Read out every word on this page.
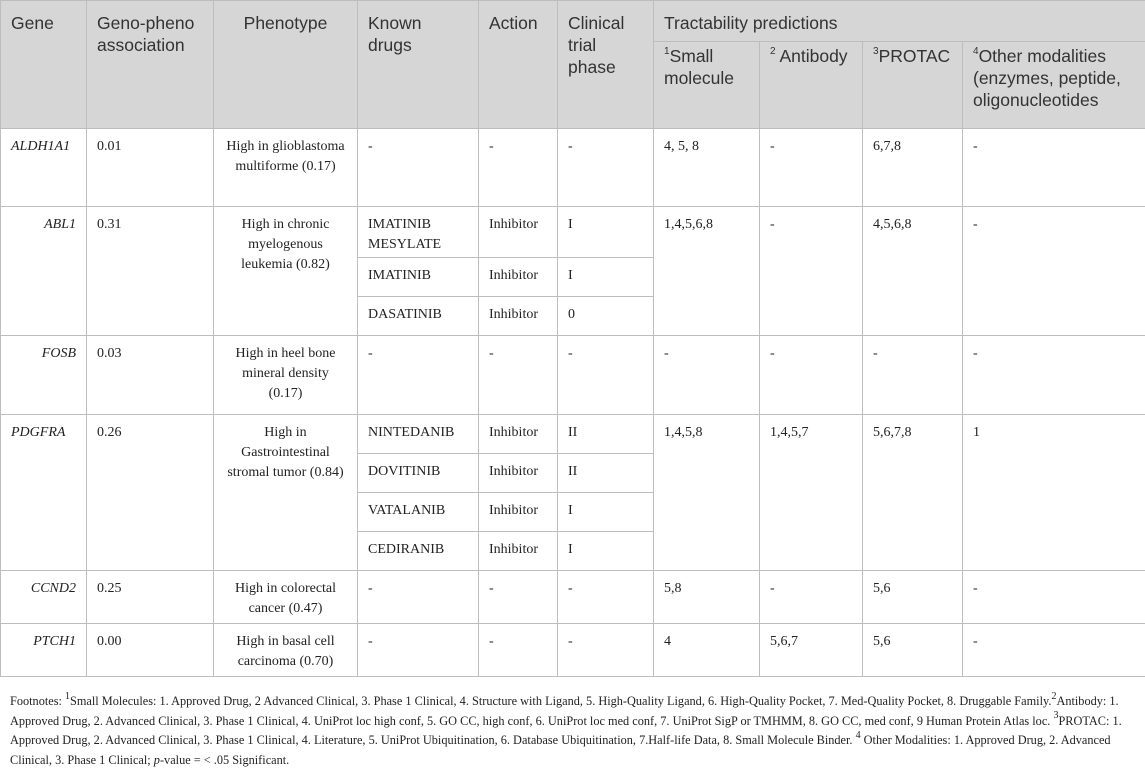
Gene	Geno-pheno association	Phenotype	Known drugs	Action	Clinical trial phase	Tractability predictions			
						$^1$Small molecule	$^2$ Antibody	$^3$PROTAC	$^4$Other modalities (enzymes, peptide, oligonucleotides
ALDH1A1	0.01	High in glioblastoma multiforme (0.17)	-	-	-	4, 5, 8	-	6,7,8	-
ABL1	0.31	High in chronic myelogenous leukemia (0.82)	IMATINIB MESYLATE	Inhibitor	I	1,4,5,6,8	-	4,5,6,8	-
			IMATINIB	Inhibitor	I				
			DASATINIB	Inhibitor	0				
FOSB	0.03	High in heel bone mineral density (0.17)	-	-	-	-	-	-	-
PDGFRA	0.26	High in Gastrointestinal stromal tumor (0.84)	NINTEDANIB	Inhibitor	II	1,4,5,8	1,4,5,7	5,6,7,8	1
			DOVITINIB	Inhibitor	II				
			VATALANIB	Inhibitor	I				
			CEDIRANIB	Inhibitor	I				
CCND2	0.25	High in colorectal cancer (0.47)	-	-	-	5,8	-	5,6	-
PTCH1	0.00	High in basal cell carcinoma (0.70)	-	-	-	4	5,6,7	5,6	-
Footnotes: $^1$Small Molecules: 1. Approved Drug, 2 Advanced Clinical, 3. Phase 1 Clinical, 4. Structure with Ligand, 5. High-Quality Ligand, 6. High-Quality Pocket, 7. Med-Quality Pocket, 8. Druggable Family.$^2$Antibody: 1. Approved Drug, 2. Advanced Clinical, 3. Phase 1 Clinical, 4. UniProt loc high conf, 5. GO CC, high conf, 6. UniProt loc med conf, 7. UniProt SigP or TMHMM, 8. GO CC, med conf, 9 Human Protein Atlas loc. $^3$PROTAC: 1. Approved Drug, 2. Advanced Clinical, 3. Phase 1 Clinical, 4. Literature, 5. UniProt Ubiquitination, 6. Database Ubiquitination, 7.Half-life Data, 8. Small Molecule Binder. $^4$ Other Modalities: 1. Approved Drug, 2. Advanced Clinical, 3. Phase 1 Clinical; p-value = < .05 Significant.
